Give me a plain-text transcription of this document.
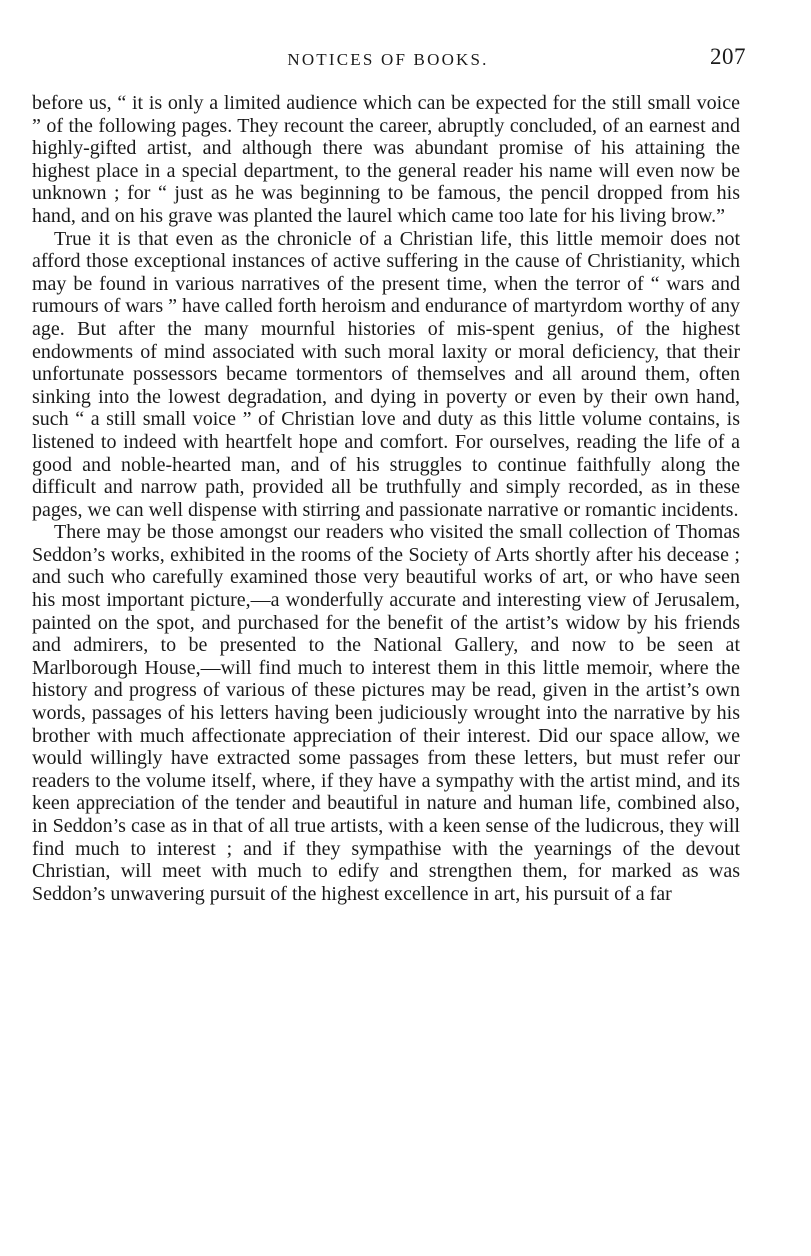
NOTICES OF BOOKS.	207

before us, “ it is only a limited audience which can be expected for the still small voice ” of the following pages. They recount the career, abruptly concluded, of an earnest and highly-gifted artist, and although there was abundant promise of his attaining the highest place in a special department, to the general reader his name will even now be unknown ; for “ just as he was beginning to be famous, the pencil dropped from his hand, and on his grave was planted the laurel which came too late for his living brow.”

True it is that even as the chronicle of a Christian life, this little memoir does not afford those exceptional instances of active suffering in the cause of Christianity, which may be found in various narratives of the present time, when the terror of “ wars and rumours of wars ” have called forth heroism and endurance of martyrdom worthy of any age. But after the many mournful histories of mis-spent genius, of the highest endowments of mind associated with such moral laxity or moral deficiency, that their unfortunate possessors became tormentors of themselves and all around them, often sinking into the lowest degradation, and dying in poverty or even by their own hand, such “ a still small voice ” of Christian love and duty as this little volume contains, is listened to indeed with heartfelt hope and comfort. For ourselves, reading the life of a good and noble-hearted man, and of his struggles to continue faithfully along the difficult and narrow path, provided all be truthfully and simply recorded, as in these pages, we can well dispense with stirring and passionate narrative or romantic incidents.

There may be those amongst our readers who visited the small collection of Thomas Seddon’s works, exhibited in the rooms of the Society of Arts shortly after his decease ; and such who carefully examined those very beautiful works of art, or who have seen his most important picture,—a wonderfully accurate and interesting view of Jerusalem, painted on the spot, and purchased for the benefit of the artist’s widow by his friends and admirers, to be presented to the National Gallery, and now to be seen at Marlborough House,—will find much to interest them in this little memoir, where the history and progress of various of these pictures may be read, given in the artist’s own words, passages of his letters having been judiciously wrought into the narrative by his brother with much affectionate appreciation of their interest. Did our space allow, we would willingly have extracted some passages from these letters, but must refer our readers to the volume itself, where, if they have a sympathy with the artist mind, and its keen appreciation of the tender and beautiful in nature and human life, combined also, in Seddon’s case as in that of all true artists, with a keen sense of the ludicrous, they will find much to interest ; and if they sympathise with the yearnings of the devout Christian, will meet with much to edify and strengthen them, for marked as was Seddon’s unwavering pursuit of the highest excellence in art, his pursuit of a far
